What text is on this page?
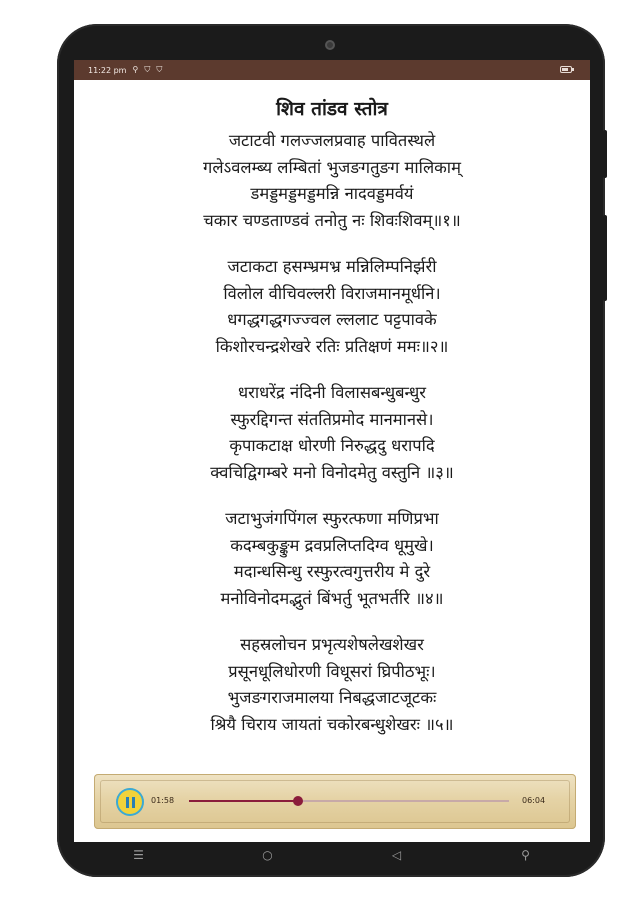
11:22 pm ⚲ ⛉ ⛉
शिव तांडव स्तोत्र
जटाटवी गलज्जलप्रवाह पावितस्थले
गलेऽवलम्ब्य लम्बितां भुजङगतुङग मालिकाम्
डमड्डमड्डमड्डमन्नि नादवड्डमर्वयं
चकार चण्डताण्डवं तनोतु नः शिवःशिवम्॥१॥
जटाकटा हसम्भ्रमभ्र मन्निलिम्पनिर्झरी
विलोल वीचिवल्लरी विराजमानमूर्धनि।
धगद्धगद्धगज्ज्वल ल्ललाट पट्टपावके
किशोरचन्द्रशेखरे रतिः प्रतिक्षणं ममः॥२॥
धराधरेंद्र नंदिनी विलासबन्धुबन्धुर
स्फुरद्दिगन्त संततिप्रमोद मानमानसे।
कृपाकटाक्ष धोरणी निरुद्धदु धरापदि
क्वचिद्विगम्बरे मनो विनोदमेतु वस्तुनि ॥३॥
जटाभुजंगपिंगल स्फुरत्फणा मणिप्रभा
कदम्बकुङ्कुम द्रवप्रलिप्तदिग्व धूमुखे।
मदान्धसिन्धु रस्फुरत्वगुत्तरीय मे दुरे
मनोविनोदमद्भुतं बिंभर्तु भूतभर्तरि ॥४॥
सहस्रलोचन प्रभृत्यशेषलेखशेखर
प्रसूनधूलिधोरणी विधूसरां घ्रिपीठभूः।
भुजङगराजमालया निबद्धजाटजूटकः
श्रियै चिराय जायतां चकोरबन्धुशेखरः ॥५॥
01:58	06:04
☰	○	◁	⚲
